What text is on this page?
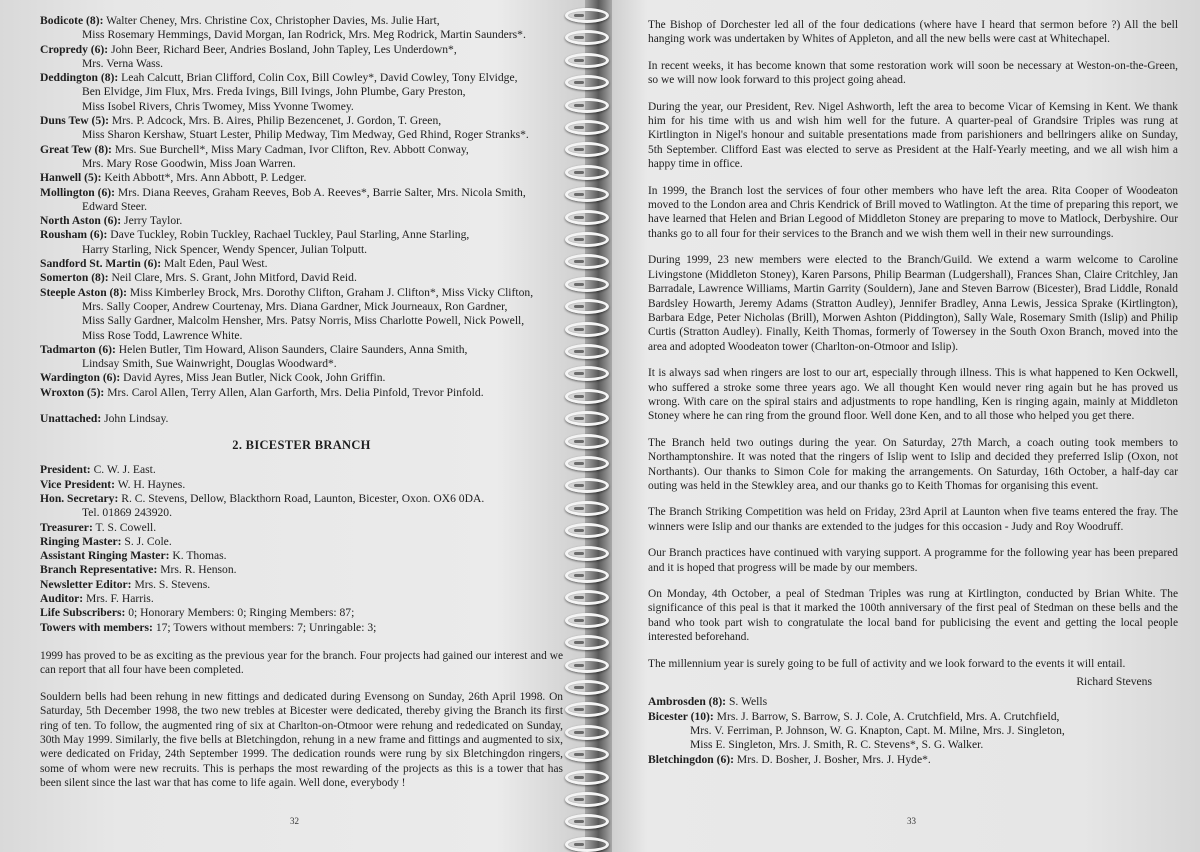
Bodicote (8): Walter Cheney, Mrs. Christine Cox, Christopher Davies, Ms. Julie Hart,
Miss Rosemary Hemmings, David Morgan, Ian Rodrick, Mrs. Meg Rodrick, Martin Saunders*.
Cropredy (6): John Beer, Richard Beer, Andries Bosland, John Tapley, Les Underdown*,
Mrs. Verna Wass.
Deddington (8): Leah Calcutt, Brian Clifford, Colin Cox, Bill Cowley*, David Cowley, Tony Elvidge,
Ben Elvidge, Jim Flux, Mrs. Freda Ivings, Bill Ivings, John Plumbe, Gary Preston,
Miss Isobel Rivers, Chris Twomey, Miss Yvonne Twomey.
Duns Tew (5): Mrs. P. Adcock, Mrs. B. Aires, Philip Bezencenet, J. Gordon, T. Green,
Miss Sharon Kershaw, Stuart Lester, Philip Medway, Tim Medway, Ged Rhind, Roger Stranks*.
Great Tew (8): Mrs. Sue Burchell*, Miss Mary Cadman, Ivor Clifton, Rev. Abbott Conway,
Mrs. Mary Rose Goodwin, Miss Joan Warren.
Hanwell (5): Keith Abbott*, Mrs. Ann Abbott, P. Ledger.
Mollington (6): Mrs. Diana Reeves, Graham Reeves, Bob A. Reeves*, Barrie Salter, Mrs. Nicola Smith,
Edward Steer.
North Aston (6): Jerry Taylor.
Rousham (6): Dave Tuckley, Robin Tuckley, Rachael Tuckley, Paul Starling, Anne Starling,
Harry Starling, Nick Spencer, Wendy Spencer, Julian Tolputt.
Sandford St. Martin (6): Malt Eden, Paul West.
Somerton (8): Neil Clare, Mrs. S. Grant, John Mitford, David Reid.
Steeple Aston (8): Miss Kimberley Brock, Mrs. Dorothy Clifton, Graham J. Clifton*, Miss Vicky Clifton,
Mrs. Sally Cooper, Andrew Courtenay, Mrs. Diana Gardner, Mick Journeaux, Ron Gardner,
Miss Sally Gardner, Malcolm Hensher, Mrs. Patsy Norris, Miss Charlotte Powell, Nick Powell,
Miss Rose Todd, Lawrence White.
Tadmarton (6): Helen Butler, Tim Howard, Alison Saunders, Claire Saunders, Anna Smith,
Lindsay Smith, Sue Wainwright, Douglas Woodward*.
Wardington (6): David Ayres, Miss Jean Butler, Nick Cook, John Griffin.
Wroxton (5): Mrs. Carol Allen, Terry Allen, Alan Garforth, Mrs. Delia Pinfold, Trevor Pinfold.
Unattached: John Lindsay.
2. BICESTER BRANCH
President: C. W. J. East.
Vice President: W. H. Haynes.
Hon. Secretary: R. C. Stevens, Dellow, Blackthorn Road, Launton, Bicester, Oxon. OX6 0DA.
Tel. 01869 243920.
Treasurer: T. S. Cowell.
Ringing Master: S. J. Cole.
Assistant Ringing Master: K. Thomas.
Branch Representative: Mrs. R. Henson.
Newsletter Editor: Mrs. S. Stevens.
Auditor: Mrs. F. Harris.
Life Subscribers: 0; Honorary Members: 0; Ringing Members: 87;
Towers with members: 17; Towers without members: 7; Unringable: 3;

1999 has proved to be as exciting as the previous year for the branch. Four projects had gained our interest and we can report that all four have been completed.

Souldern bells had been rehung in new fittings and dedicated during Evensong on Sunday, 26th April 1998. On Saturday, 5th December 1998, the two new trebles at Bicester were dedicated, thereby giving the Branch its first ring of ten. To follow, the augmented ring of six at Charlton-on-Otmoor were rehung and rededicated on Sunday, 30th May 1999. Similarly, the five bells at Bletchingdon, rehung in a new frame and fittings and augmented to six, were dedicated on Friday, 24th September 1999. The dedication rounds were rung by six Bletchingdon ringers, some of whom were new recruits. This is perhaps the most rewarding of the projects as this is a tower that has been silent since the last war that has come to life again. Well done, everybody !

32

The Bishop of Dorchester led all of the four dedications (where have I heard that sermon before ?) All the bell hanging work was undertaken by Whites of Appleton, and all the new bells were cast at Whitechapel.

In recent weeks, it has become known that some restoration work will soon be necessary at Weston-on-the-Green, so we will now look forward to this project going ahead.

During the year, our President, Rev. Nigel Ashworth, left the area to become Vicar of Kemsing in Kent. We thank him for his time with us and wish him well for the future. A quarter-peal of Grandsire Triples was rung at Kirtlington in Nigel's honour and suitable presentations made from parishioners and bellringers alike on Sunday, 5th September. Clifford East was elected to serve as President at the Half-Yearly meeting, and we all wish him a happy time in office.

In 1999, the Branch lost the services of four other members who have left the area. Rita Cooper of Woodeaton moved to the London area and Chris Kendrick of Brill moved to Watlington. At the time of preparing this report, we have learned that Helen and Brian Legood of Middleton Stoney are preparing to move to Matlock, Derbyshire. Our thanks go to all four for their services to the Branch and we wish them well in their new surroundings.

During 1999, 23 new members were elected to the Branch/Guild. We extend a warm welcome to Caroline Livingstone (Middleton Stoney), Karen Parsons, Philip Bearman (Ludgershall), Frances Shan, Claire Critchley, Jan Barradale, Lawrence Williams, Martin Garrity (Souldern), Jane and Steven Barrow (Bicester), Brad Liddle, Ronald Bardsley Howarth, Jeremy Adams (Stratton Audley), Jennifer Bradley, Anna Lewis, Jessica Sprake (Kirtlington), Barbara Edge, Peter Nicholas (Brill), Morwen Ashton (Piddington), Sally Wale, Rosemary Smith (Islip) and Philip Curtis (Stratton Audley). Finally, Keith Thomas, formerly of Towersey in the South Oxon Branch, moved into the area and adopted Woodeaton tower (Charlton-on-Otmoor and Islip).

It is always sad when ringers are lost to our art, especially through illness. This is what happened to Ken Ockwell, who suffered a stroke some three years ago. We all thought Ken would never ring again but he has proved us wrong. With care on the spiral stairs and adjustments to rope handling, Ken is ringing again, mainly at Middleton Stoney where he can ring from the ground floor. Well done Ken, and to all those who helped you get there.

The Branch held two outings during the year. On Saturday, 27th March, a coach outing took members to Northamptonshire. It was noted that the ringers of Islip went to Islip and decided they preferred Islip (Oxon, not Northants). Our thanks to Simon Cole for making the arrangements. On Saturday, 16th October, a half-day car outing was held in the Stewkley area, and our thanks go to Keith Thomas for organising this event.

The Branch Striking Competition was held on Friday, 23rd April at Launton when five teams entered the fray. The winners were Islip and our thanks are extended to the judges for this occasion - Judy and Roy Woodruff.

Our Branch practices have continued with varying support. A programme for the following year has been prepared and it is hoped that progress will be made by our members.

On Monday, 4th October, a peal of Stedman Triples was rung at Kirtlington, conducted by Brian White. The significance of this peal is that it marked the 100th anniversary of the first peal of Stedman on these bells and the band who took part wish to congratulate the local band for publicising the event and getting the local people interested beforehand.

The millennium year is surely going to be full of activity and we look forward to the events it will entail.

Richard Stevens
Ambrosden (8): S. Wells
Bicester (10): Mrs. J. Barrow, S. Barrow, S. J. Cole, A. Crutchfield, Mrs. A. Crutchfield,
Mrs. V. Ferriman, P. Johnson, W. G. Knapton, Capt. M. Milne, Mrs. J. Singleton,
Miss E. Singleton, Mrs. J. Smith, R. C. Stevens*, S. G. Walker.
Bletchingdon (6): Mrs. D. Bosher, J. Bosher, Mrs. J. Hyde*.
33
